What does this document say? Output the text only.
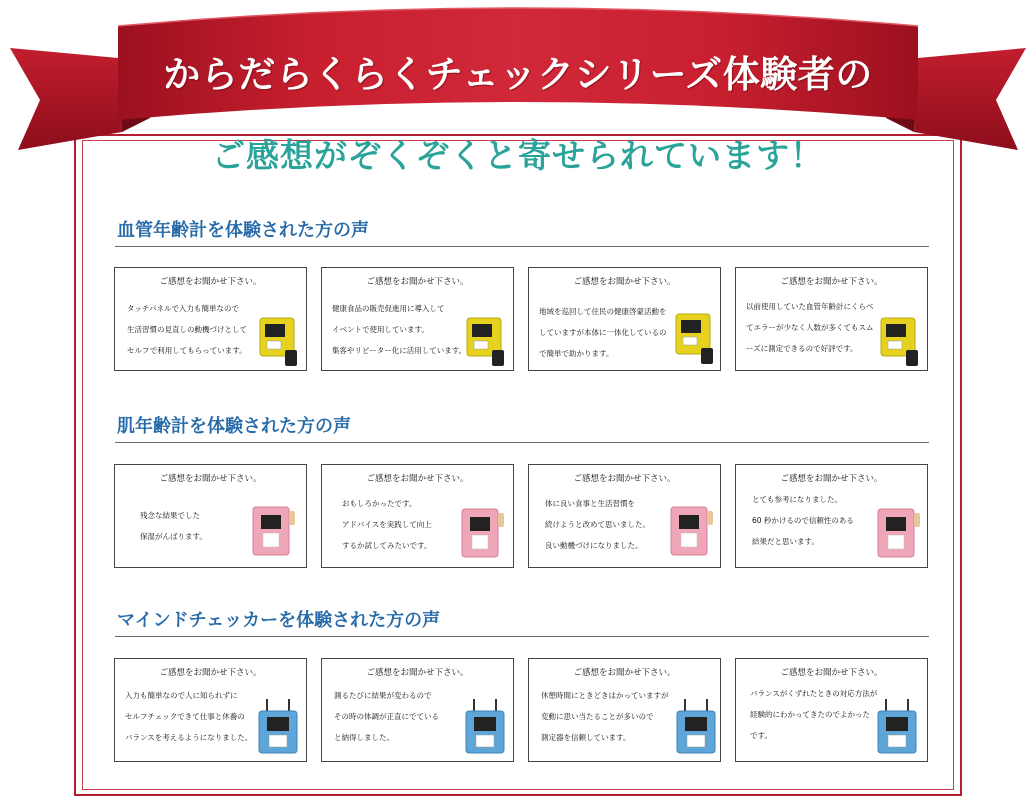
からだらくらくチェックシリーズ体験者の
ご感想がぞくぞくと寄せられています！
血管年齢計を体験された方の声
ご感想をお聞かせ下さい。
タッチパネルで入力も簡単なので
生活習慣の見直しの動機づけとして
セルフで利用してもらっています。
ご感想をお聞かせ下さい。
健康食品の販売促進用に導入して
イベントで使用しています。
集客やリピーター化に活用しています。
ご感想をお聞かせ下さい。
地域を巡回して住民の健康啓蒙活動を
していますが本体に一体化しているの
で簡単で助かります。
ご感想をお聞かせ下さい。
以前使用していた血管年齢計にくらべ
てエラーが少なく人数が多くてもスム
ーズに測定できるので好評です。
肌年齢計を体験された方の声
ご感想をお聞かせ下さい。
残念な結果でした
保湿がんばります。
ご感想をお聞かせ下さい。
おもしろかったです。
アドバイスを実践して向上
するか試してみたいです。
ご感想をお聞かせ下さい。
体に良い食事と生活習慣を
続けようと改めて思いました。
良い動機づけになりました。
ご感想をお聞かせ下さい。
とても参考になりました。
60 秒かけるので信頼性のある
結果だと思います。
マインドチェッカーを体験された方の声
ご感想をお聞かせ下さい。
入力も簡単なので人に知られずに
セルフチェックできて仕事と休養の
バランスを考えるようになりました。
ご感想をお聞かせ下さい。
測るたびに結果が変わるので
その時の体調が正直にでている
と納得しました。
ご感想をお聞かせ下さい。
休憩時間にときどきはかっていますが
変動に思い当たることが多いので
測定器を信頼しています。
ご感想をお聞かせ下さい。
バランスがくずれたときの対応方法が
経験的にわかってきたのでよかった
です。
